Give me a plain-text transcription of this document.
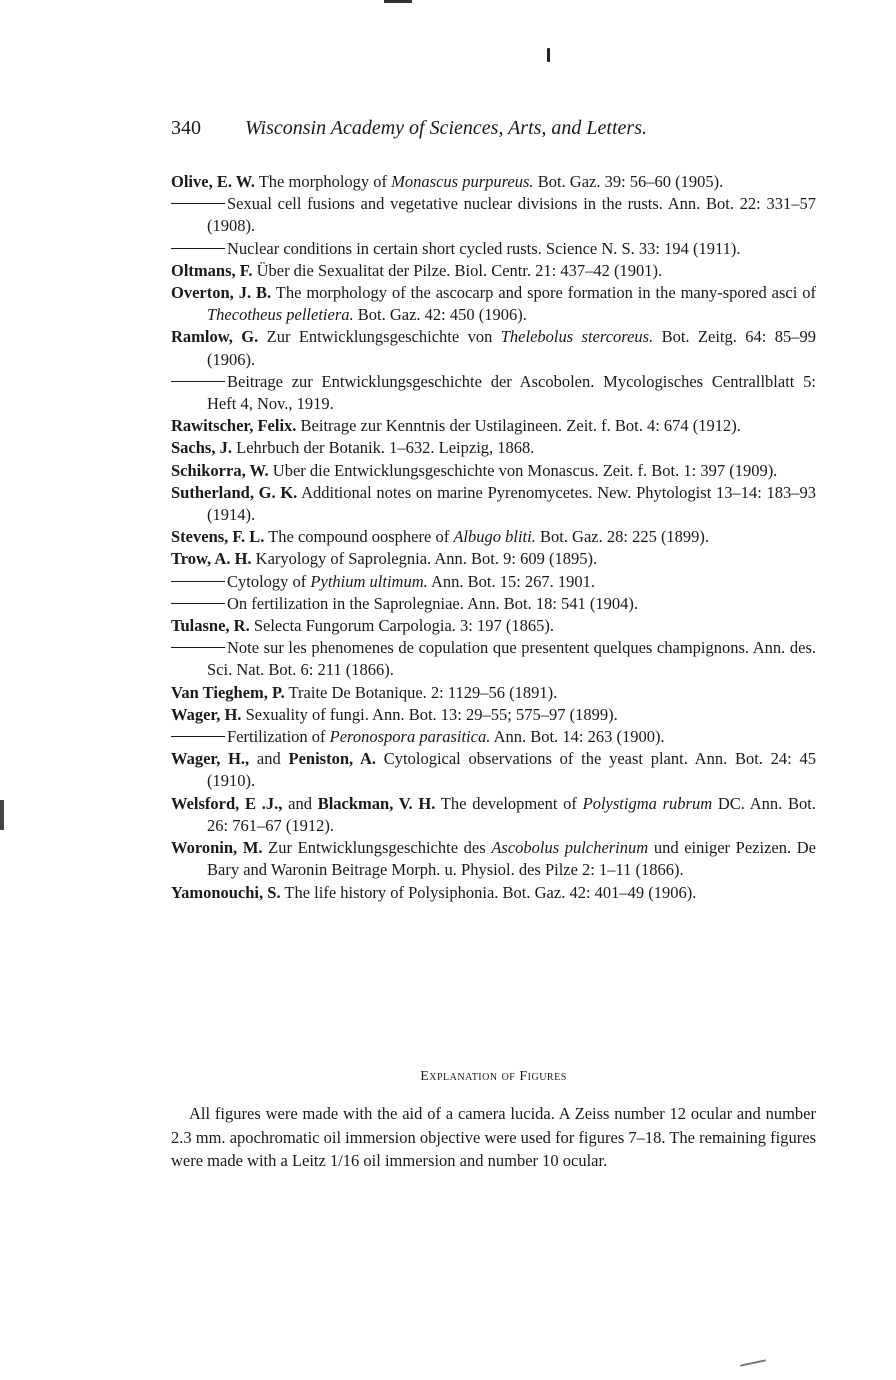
340 Wisconsin Academy of Sciences, Arts, and Letters.

Olive, E. W. The morphology of Monascus purpureus. Bot. Gaz. 39: 56–60 (1905).

Sexual cell fusions and vegetative nuclear divisions in the rusts. Ann. Bot. 22: 331–57 (1908).

Nuclear conditions in certain short cycled rusts. Science N. S. 33: 194 (1911).

Oltmans, F. Über die Sexualitat der Pilze. Biol. Centr. 21: 437–42 (1901).

Overton, J. B. The morphology of the ascocarp and spore formation in the many-spored asci of Thecotheus pelletiera. Bot. Gaz. 42: 450 (1906).

Ramlow, G. Zur Entwicklungsgeschichte von Thelebolus stercoreus. Bot. Zeitg. 64: 85–99 (1906).

Beitrage zur Entwicklungsgeschichte der Ascobolen. Mycologisches Centrallblatt 5: Heft 4, Nov., 1919.

Rawitscher, Felix. Beitrage zur Kenntnis der Ustilagineen. Zeit. f. Bot. 4: 674 (1912).

Sachs, J. Lehrbuch der Botanik. 1–632. Leipzig, 1868.

Schikorra, W. Uber die Entwicklungsgeschichte von Monascus. Zeit. f. Bot. 1: 397 (1909).

Sutherland, G. K. Additional notes on marine Pyrenomycetes. New. Phytologist 13–14: 183–93 (1914).

Stevens, F. L. The compound oosphere of Albugo bliti. Bot. Gaz. 28: 225 (1899).

Trow, A. H. Karyology of Saprolegnia. Ann. Bot. 9: 609 (1895).

Cytology of Pythium ultimum. Ann. Bot. 15: 267. 1901.

On fertilization in the Saprolegniae. Ann. Bot. 18: 541 (1904).

Tulasne, R. Selecta Fungorum Carpologia. 3: 197 (1865).

Note sur les phenomenes de copulation que presentent quelques champignons. Ann. des. Sci. Nat. Bot. 6: 211 (1866).

Van Tieghem, P. Traite De Botanique. 2: 1129–56 (1891).

Wager, H. Sexuality of fungi. Ann. Bot. 13: 29–55; 575–97 (1899).

Fertilization of Peronospora parasitica. Ann. Bot. 14: 263 (1900).

Wager, H., and Peniston, A. Cytological observations of the yeast plant. Ann. Bot. 24: 45 (1910).

Welsford, E .J., and Blackman, V. H. The development of Polystigma rubrum DC. Ann. Bot. 26: 761–67 (1912).

Woronin, M. Zur Entwicklungsgeschichte des Ascobolus pulcherinum und einiger Pezizen. De Bary and Waronin Beitrage Morph. u. Physiol. des Pilze 2: 1–11 (1866).

Yamonouchi, S. The life history of Polysiphonia. Bot. Gaz. 42: 401–49 (1906).

Explanation of Figures

All figures were made with the aid of a camera lucida. A Zeiss number 12 ocular and number 2.3 mm. apochromatic oil immersion objective were used for figures 7–18. The remaining figures were made with a Leitz 1/16 oil immersion and number 10 ocular.
